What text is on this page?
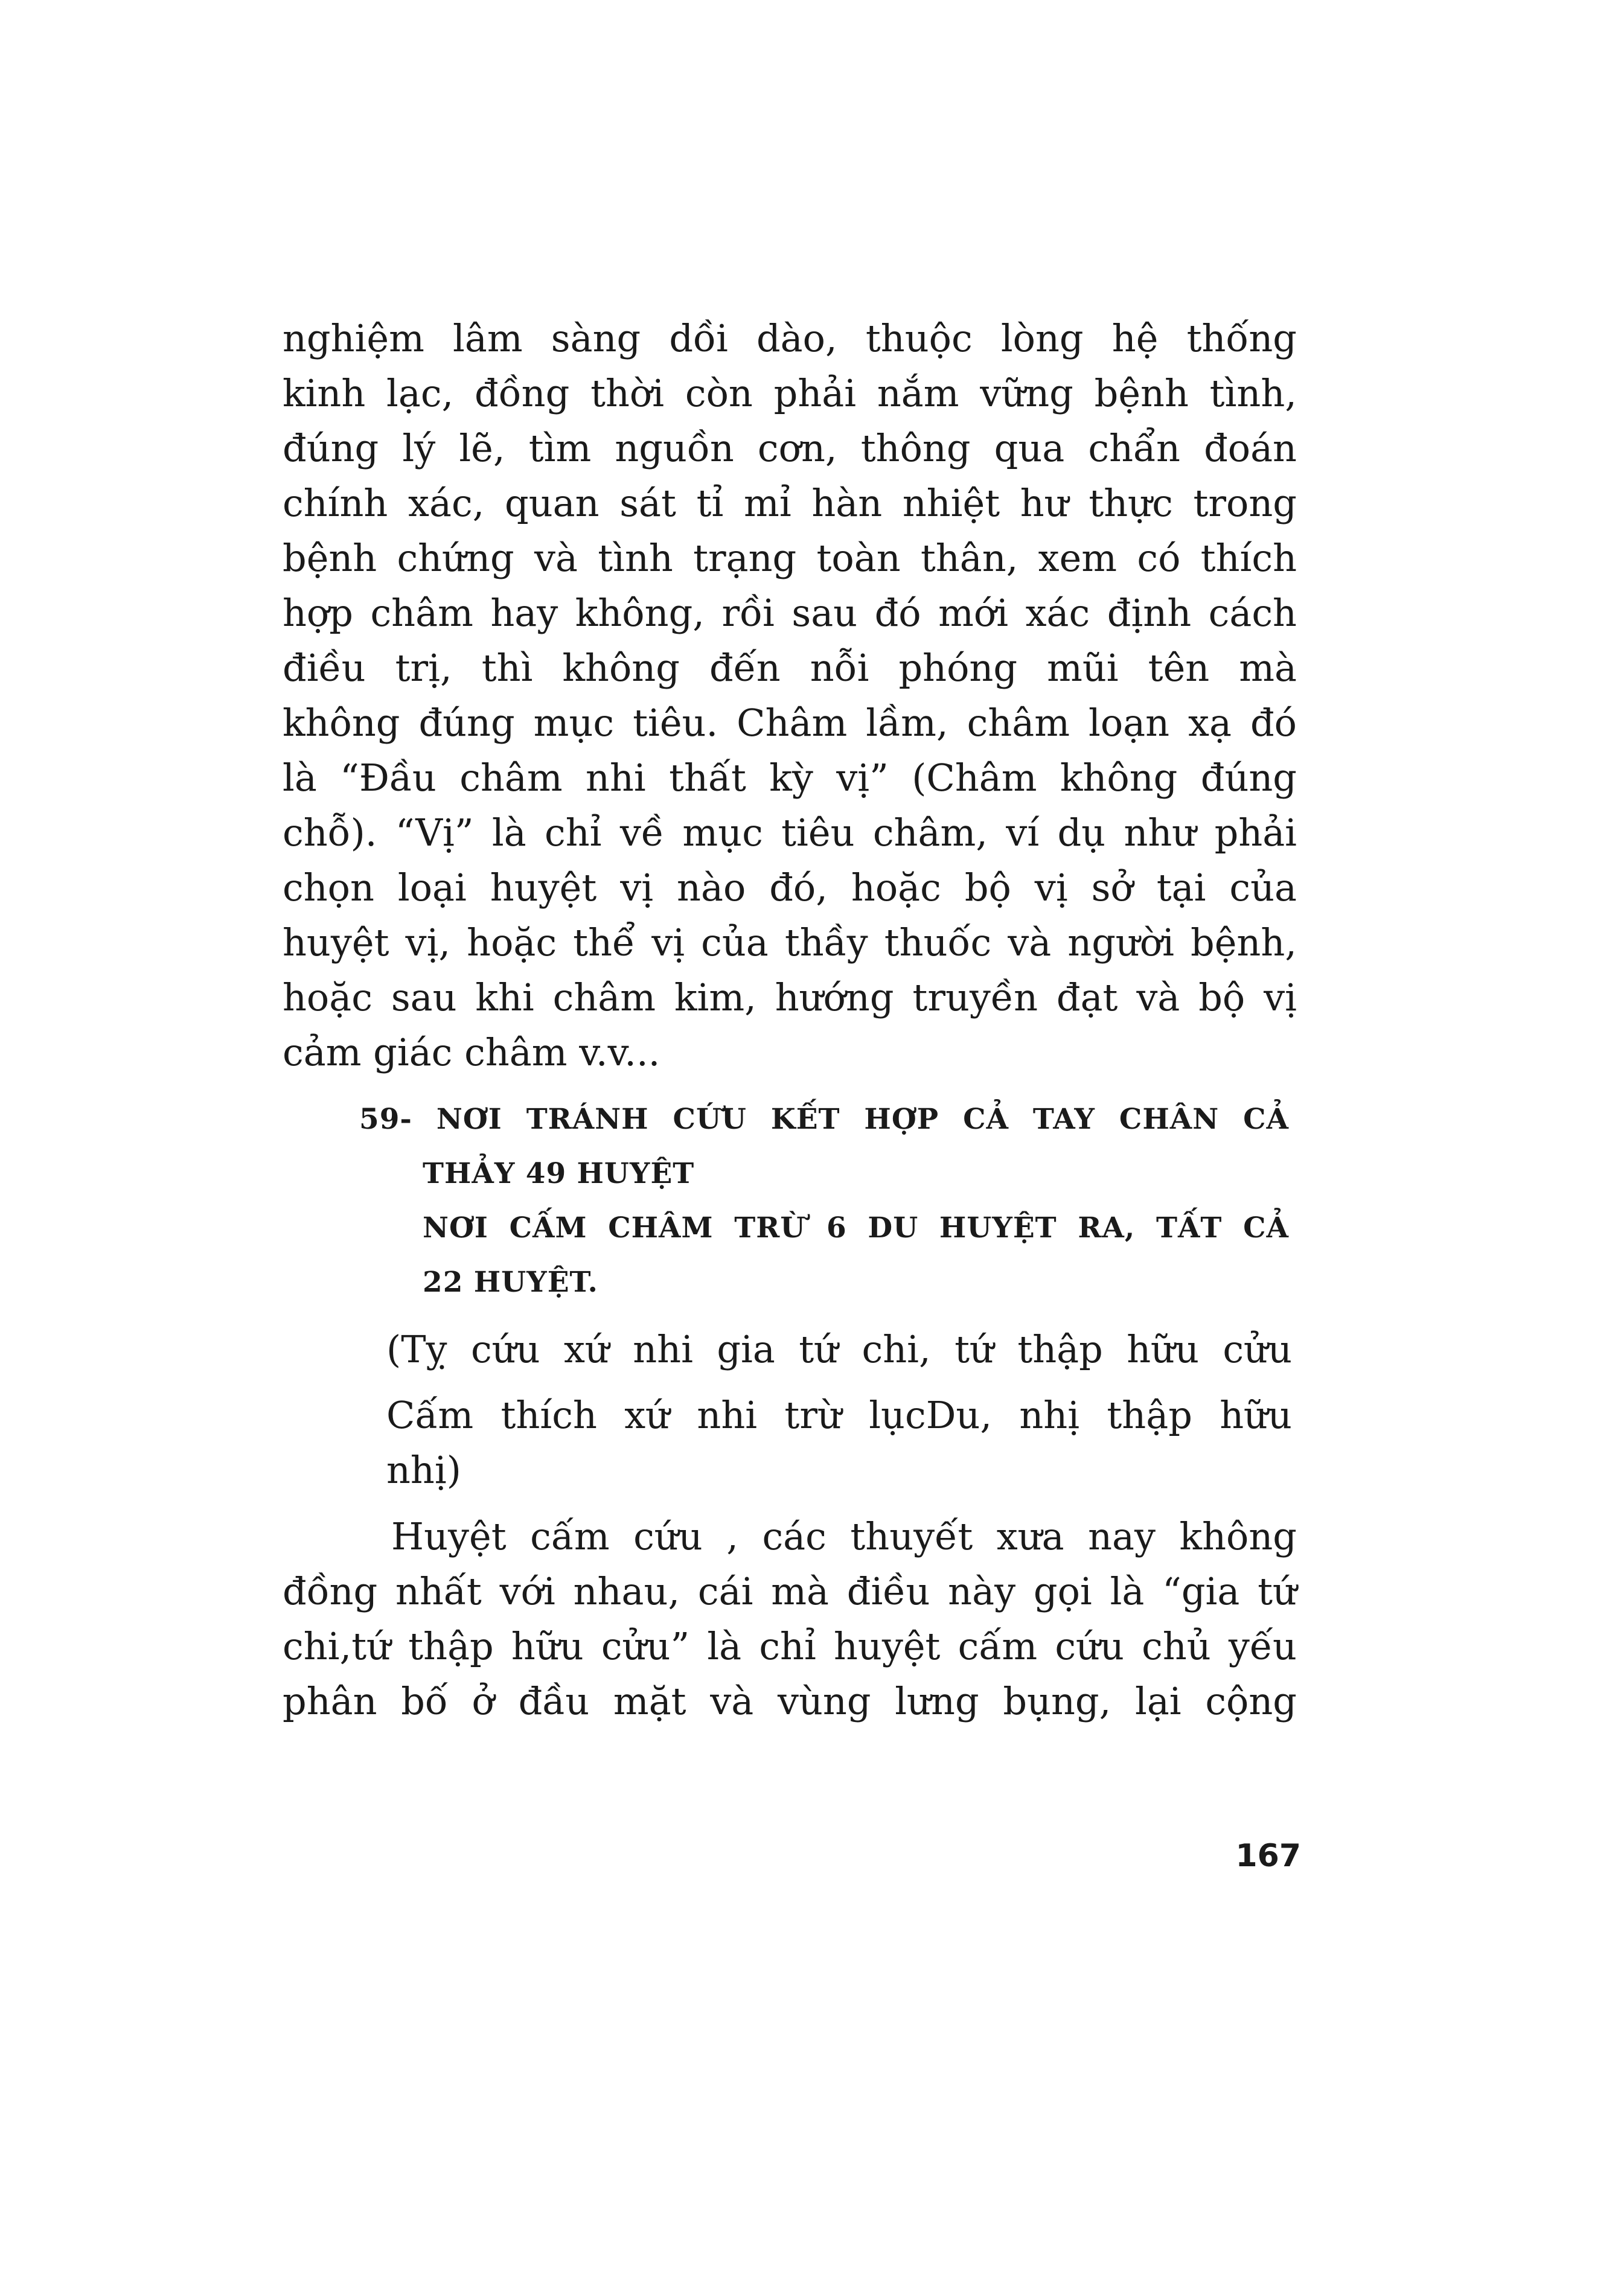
nghiệm lâm sàng dồi dào, thuộc lòng hệ thống
kinh lạc, đồng thời còn phải nắm vững bệnh tình,
đúng lý lẽ, tìm nguồn cơn, thông qua chẩn đoán
chính xác, quan sát tỉ mỉ hàn nhiệt hư thực trong
bệnh chứng và tình trạng toàn thân, xem có thích
hợp châm hay không, rồi sau đó mới xác định cách
điều trị, thì không đến nỗi phóng mũi tên mà
không đúng mục tiêu. Châm lầm, châm loạn xạ đó
là “Đầu châm nhi thất kỳ vị” (Châm không đúng
chỗ). “Vị” là chỉ về mục tiêu châm, ví dụ như phải
chọn loại huyệt vị nào đó, hoặc bộ vị sở tại của
huyệt vị, hoặc thể vị của thầy thuốc và người bệnh,
hoặc sau khi châm kim, hướng truyền đạt và bộ vị
cảm giác châm v.v...
59- NƠI TRÁNH CỨU KẾT HỢP CẢ TAY CHÂN CẢ
THẢY 49 HUYỆT
NƠI CẤM CHÂM TRỪ 6 DU HUYỆT RA, TẤT CẢ
22 HUYỆT.
(Tỵ cứu xứ nhi gia tứ chi, tứ thập hữu cửu
Cấm thích xứ nhi trừ lụcDu, nhị thập hữu
nhị)
Huyệt cấm cứu , các thuyết xưa nay không
đồng nhất với nhau, cái mà điều này gọi là “gia tứ
chi,tứ thập hữu cửu” là chỉ huyệt cấm cứu chủ yếu
phân bố ở đầu mặt và vùng lưng bụng, lại cộng
167
